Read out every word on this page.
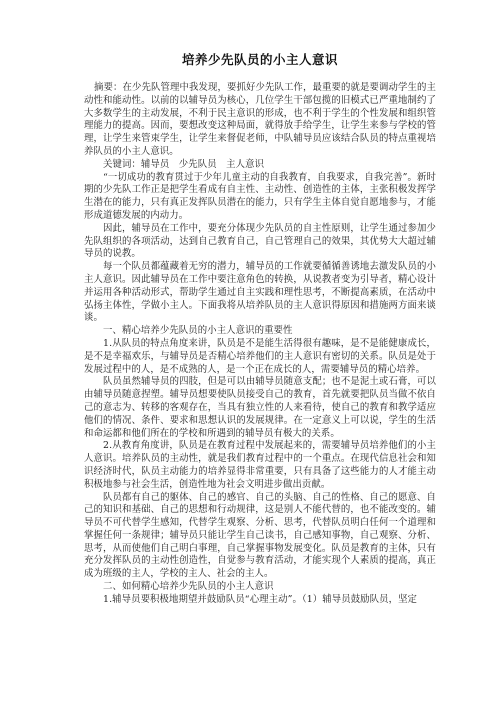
培养少先队员的小主人意识

摘要：在少先队管理中我发现，要抓好少先队工作，最重要的就是要调动学生的主动性和能动性。以前的以辅导员为核心，几位学生干部包揽的旧模式已严重地制约了大多数学生的主动发展，不利于民主意识的形成，也不利于学生的个性发展和组织管理能力的提高。因而，要想改变这种局面，就得放手给学生，让学生来参与学校的管理，让学生来管束学生，让学生来督促老师，中队辅导员应该结合队员的特点重视培养队员的小主人意识。

关键词：辅导员　少先队员　主人意识

“一切成功的教育贯过于少年儿童主动的自我教育，自我要求，自我完善”。新时期的少先队工作正是把学生看成有自主性、主动性、创造性的主体，主张积极发挥学生潜在的能力，只有真正发挥队员潜在的能力，只有学生主体自觉自愿地参与，才能形成道德发展的内动力。

因此，辅导员在工作中，要充分体现少先队员的自主性原则，让学生通过参加少先队组织的各项活动，达到自己教育自己，自己管理自己的效果，其优势大大超过辅导员的说教。

每一个队员都蕴藏着无穷的潜力，辅导员的工作就要循循善诱地去激发队员的小主人意识。因此辅导员在工作中要注意角色的转换，从说教者变为引导者，精心设计并运用各种活动形式，帮助学生通过自主实践和理性思考，不断提高素质，在活动中弘扬主体性，学做小主人。下面我将从培养队员的主人意识得原因和措施两方面来谈谈。

一、精心培养少先队员的小主人意识的重要性

1.从队员的特点角度来讲，队员是不是能生活得很有趣味，是不是能健康成长，是不是幸福欢乐，与辅导员是否精心培养他们的主人意识有密切的关系。队员是处于发展过程中的人，是不成熟的人，是一个正在成长的人，需要辅导员的精心培养。

队员虽然辅导员的四肢，但是可以由辅导员随意支配；也不是泥土或石膏，可以由辅导员随意捏塑。辅导员想要使队员接受自己的教育，首先就要把队员当做不依自己的意志为、转移的客观存在，当具有独立性的人来看待，使自己的教育和教学适应他们的情况、条件、要求和思想认识的发展规律。在一定意义上可以说，学生的生活和命运都和他们所在的学校和所遇到的辅导员有极大的关系。

2.从教育角度讲，队员是在教育过程中发展起来的，需要辅导员培养他们的小主人意识。培养队员的主动性，就是我们教育过程中的一个重点。在现代信息社会和知识经济时代，队员主动能力的培养显得非常重要，只有具备了这些能力的人才能主动积极地参与社会生活，创造性地为社会文明进步做出贡献。

队员都有自己的躯体、自己的感官、自己的头脑、自己的性格、自己的愿意、自己的知识和基础、自己的思想和行动规律，这是别人不能代替的，也不能改变的。辅导员不可代替学生感知，代替学生观察、分析、思考，代替队员明白任何一个道理和掌握任何一条规律；辅导员只能让学生自己读书，自己感知事物，自己观察、分析、思考，从而使他们自己明白事理，自己掌握事物发展变化。队员是教育的主体，只有充分发挥队员的主动性创造性，自觉参与教育活动，才能实现个人素质的提高，真正成为班级的主人，学校的主人、社会的主人。

二、如何精心培养少先队员的小主人意识

1.辅导员要积极地期望并鼓励队员“心理主动”。（1）辅导员鼓励队员，坚定
